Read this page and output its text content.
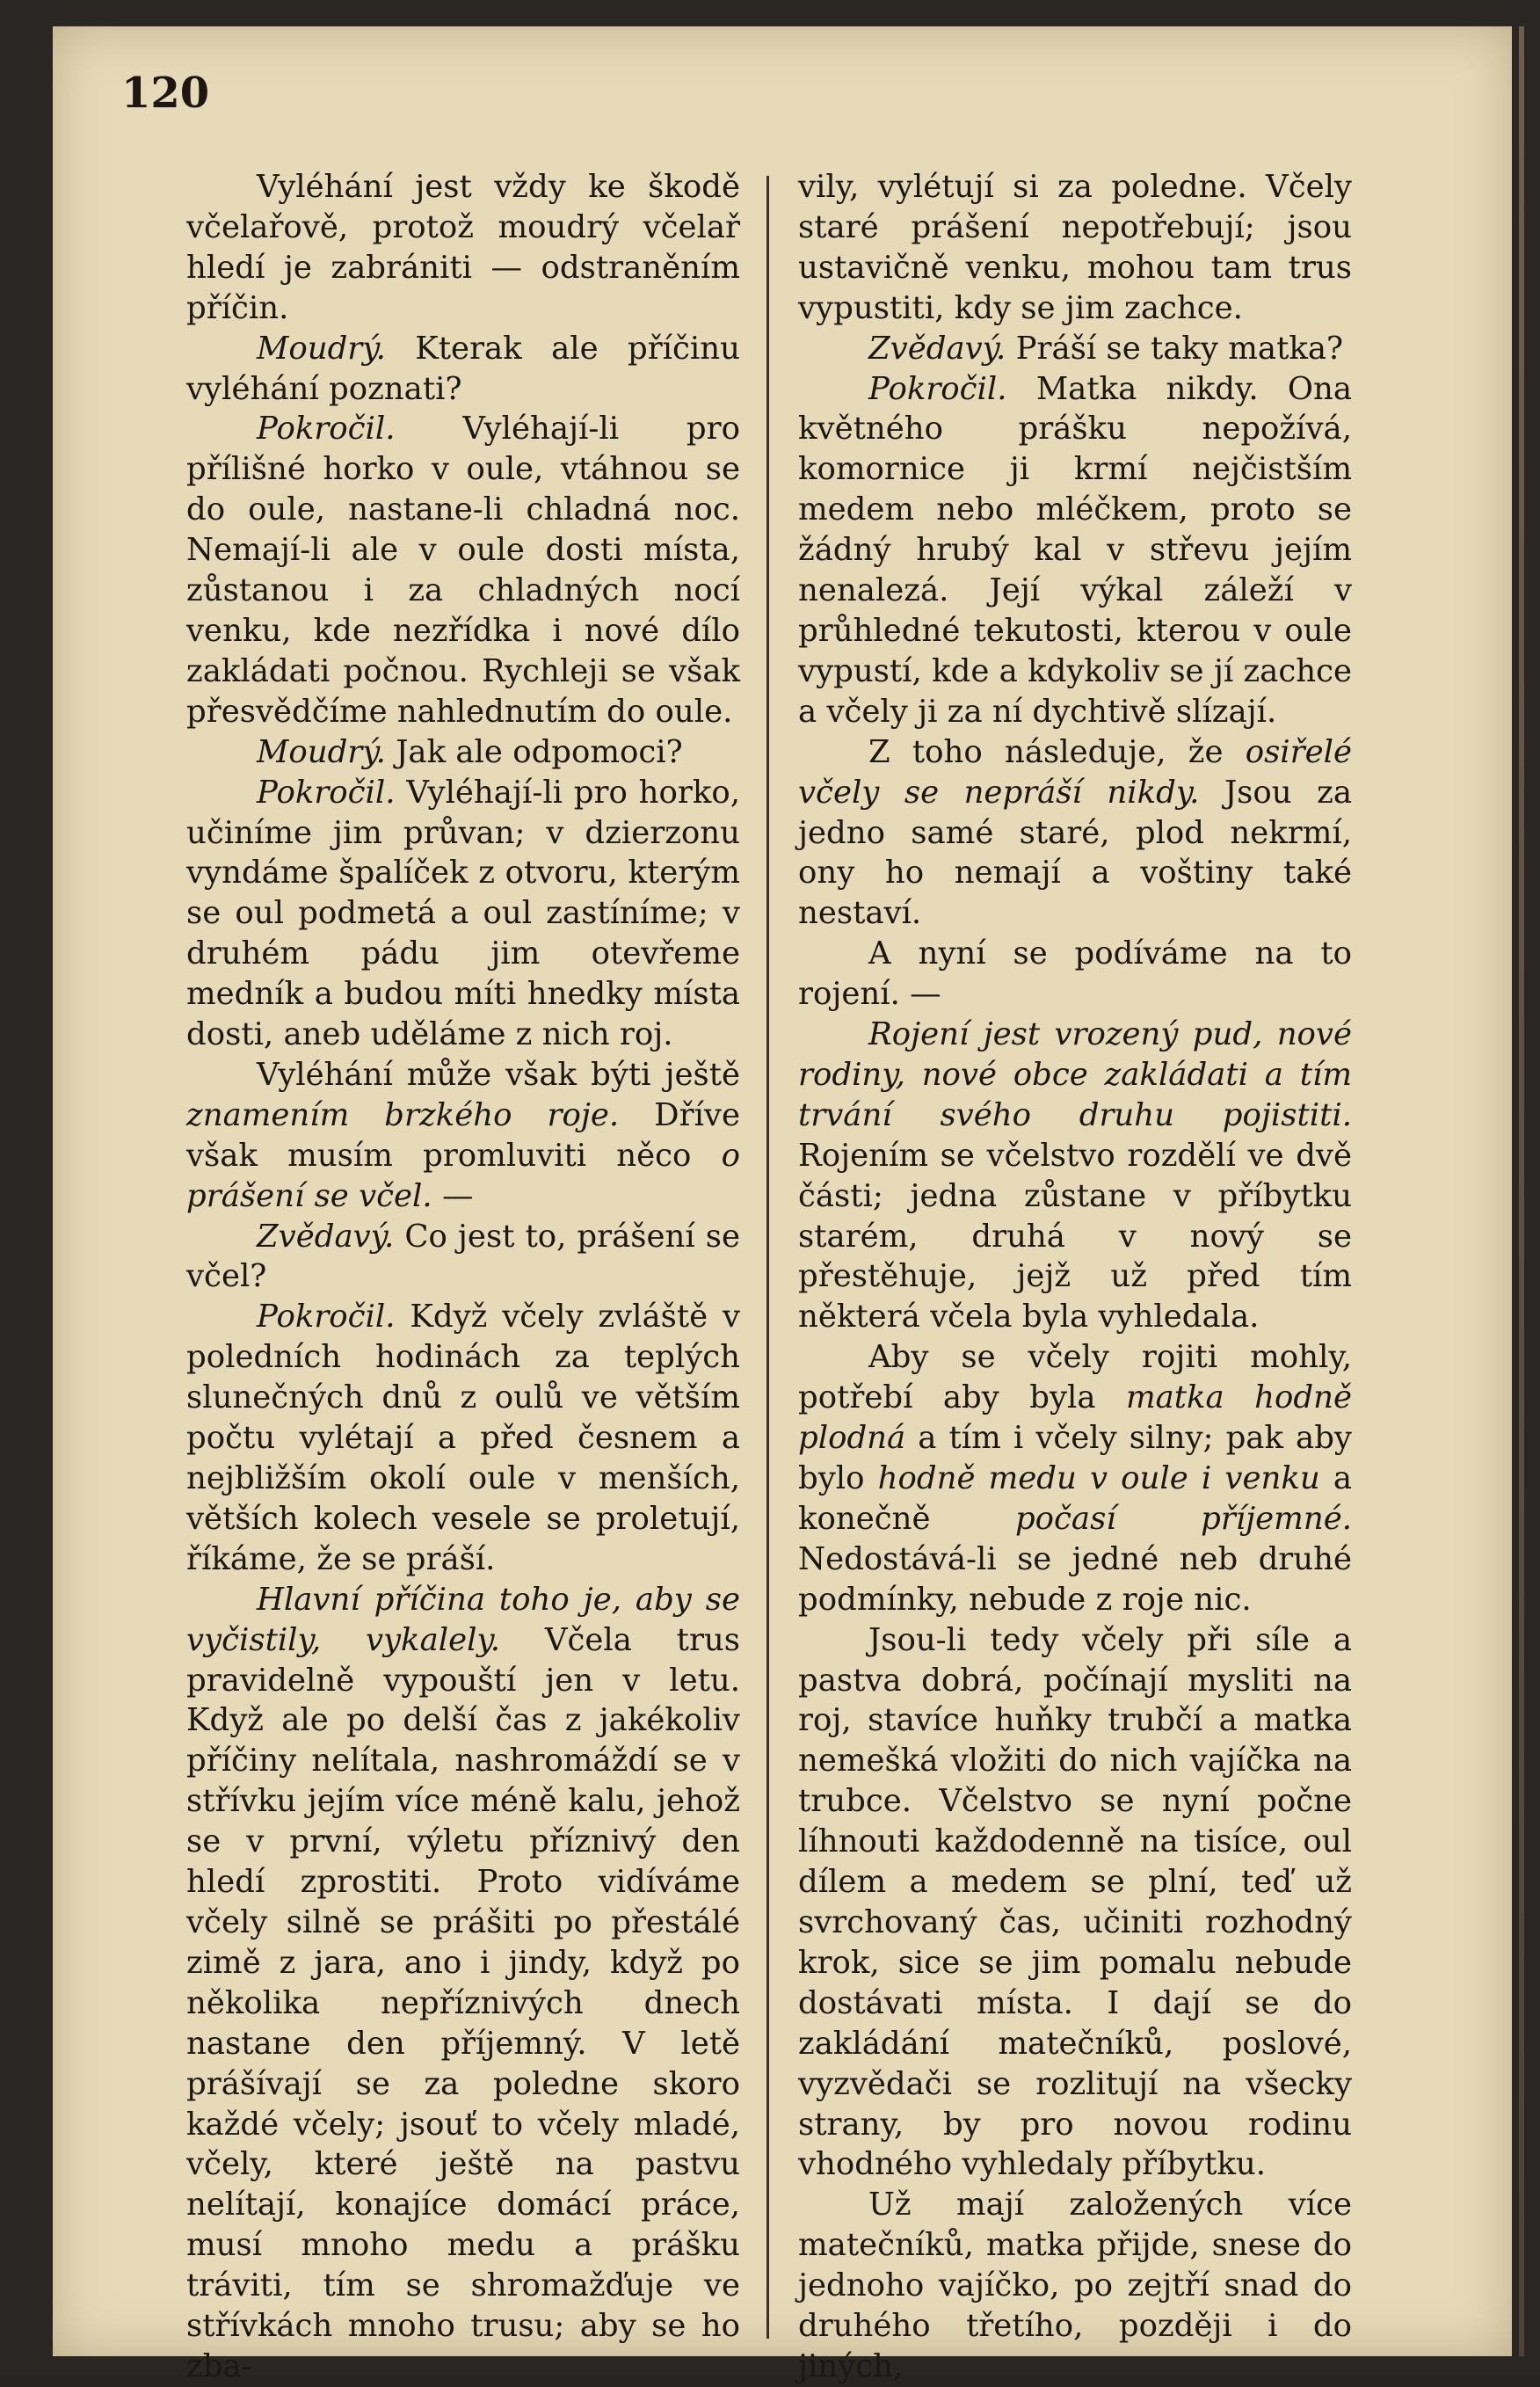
120

Vyléhání jest vždy ke škodě včelařově, protož moudrý včelař hledí je zabrániti — odstraněním příčin.

Moudrý. Kterak ale příčinu vyléhání poznati?

Pokročil. Vyléhají-li pro přílišné horko v oule, vtáhnou se do oule, nastane-li chladná noc. Nemají-li ale v oule dosti místa, zůstanou i za chladných nocí venku, kde nezřídka i nové dílo zakládati počnou. Rychleji se však přesvědčíme nahlednutím do oule.

Moudrý. Jak ale odpomoci?

Pokročil. Vyléhají-li pro horko, učiníme jim průvan; v dzierzonu vyndáme špalíček z otvoru, kterým se oul podmetá a oul zastíníme; v druhém pádu jim otevřeme medník a budou míti hnedky místa dosti, aneb uděláme z nich roj.

Vyléhání může však býti ještě znamením brzkého roje. Dříve však musím promluviti něco o prášení se včel. —

Zvědavý. Co jest to, prášení se včel?

Pokročil. Když včely zvláště v poledních hodinách za teplých slunečných dnů z oulů ve větším počtu vylétají a před česnem a nejbližším okolí oule v menších, větších kolech vesele se proletují, říkáme, že se práší.

Hlavní příčina toho je, aby se vyčistily, vykalely. Včela trus pravidelně vypouští jen v letu. Když ale po delší čas z jakékoliv příčiny nelítala, nashromáždí se v střívku jejím více méně kalu, jehož se v první, výletu příznivý den hledí zprostiti. Proto vidíváme včely silně se prášiti po přestálé zimě z jara, ano i jindy, když po několika nepříznivých dnech nastane den příjemný. V letě prášívají se za poledne skoro každé včely; jsouť to včely mladé, včely, které ještě na pastvu nelítají, konajíce domácí práce, musí mnoho medu a prášku tráviti, tím se shromažďuje ve střívkách mnoho trusu; aby se ho zba-

vily, vylétují si za poledne. Včely staré prášení nepotřebují; jsou ustavičně venku, mohou tam trus vypustiti, kdy se jim zachce.

Zvědavý. Práší se taky matka?

Pokročil. Matka nikdy. Ona květného prášku nepožívá, komornice ji krmí nejčistším medem nebo mléčkem, proto se žádný hrubý kal v střevu jejím nenalezá. Její výkal záleží v průhledné tekutosti, kterou v oule vypustí, kde a kdykoliv se jí zachce a včely ji za ní dychtivě slízají.

Z toho následuje, že osiřelé včely se nepráší nikdy. Jsou za jedno samé staré, plod nekrmí, ony ho nemají a voštiny také nestaví.

A nyní se podíváme na to rojení. —

Rojení jest vrozený pud, nové rodiny, nové obce zakládati a tím trvání svého druhu pojistiti. Rojením se včelstvo rozdělí ve dvě části; jedna zůstane v příbytku starém, druhá v nový se přestěhuje, jejž už před tím některá včela byla vyhledala.

Aby se včely rojiti mohly, potřebí aby byla matka hodně plodná a tím i včely silny; pak aby bylo hodně medu v oule i venku a konečně počasí příjemné. Nedostává-li se jedné neb druhé podmínky, nebude z roje nic.

Jsou-li tedy včely při síle a pastva dobrá, počínají mysliti na roj, stavíce huňky trubčí a matka nemešká vložiti do nich vajíčka na trubce. Včelstvo se nyní počne líhnouti každodenně na tisíce, oul dílem a medem se plní, teď už svrchovaný čas, učiniti rozhodný krok, sice se jim pomalu nebude dostávati místa. I dají se do zakládání matečníků, poslové, vyzvědači se rozlitují na všecky strany, by pro novou rodinu vhodného vyhledaly příbytku.

Už mají založených více matečníků, matka přijde, snese do jednoho vajíčko, po zejtří snad do druhého třetího, později i do jiných,
